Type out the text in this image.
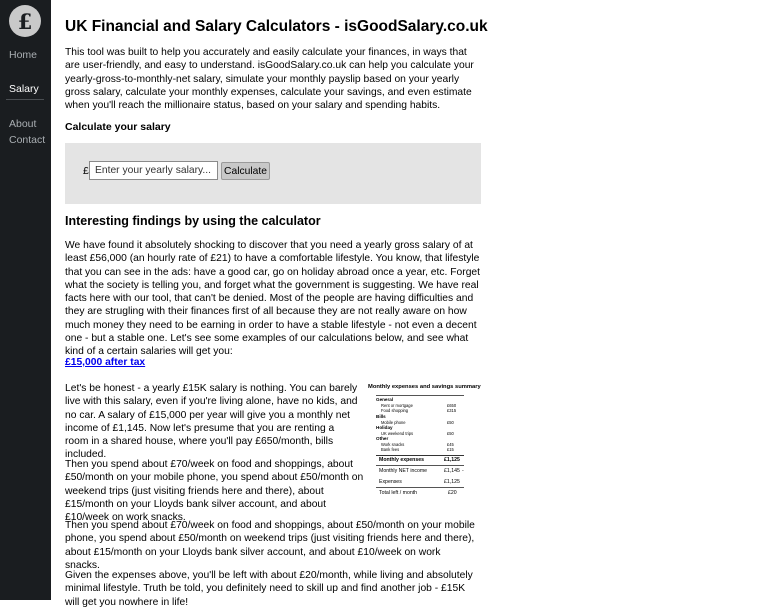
£
Home
Salary
About
Contact
UK Financial and Salary Calculators - isGoodSalary.co.uk

This tool was built to help you accurately and easily calculate your finances, in ways that are user-friendly, and easy to understand. isGoodSalary.co.uk can help you calculate your yearly-gross-to-monthly-net salary, simulate your monthly payslip based on your yearly gross salary, calculate your monthly expenses, calculate your savings, and even estimate when you'll reach the millionaire status, based on your salary and spending habits.

Calculate your salary
£
Enter your yearly salary...	Calculate
Interesting findings by using the calculator

We have found it absolutely shocking to discover that you need a yearly gross salary of at least £56,000 (an hourly rate of £21) to have a comfortable lifestyle. You know, that lifestyle that you can see in the ads: have a good car, go on holiday abroad once a year, etc. Forget what the society is telling you, and forget what the government is suggesting. We have real facts here with our tool, that can't be denied. Most of the people are having difficulties and they are strugling with their finances first of all because they are not really aware on how much money they need to be earning in order to have a stable lifestyle - not even a decent one - but a stable one. Let's see some examples of our calculations below, and see what kind of a certain salaries will get you:

£15,000 after tax

Let's be honest - a yearly £15K salary is nothing. You can barely live with this salary, even if you're living alone, have no kids, and no car. A salary of £15,000 per year will give you a monthly net income of £1,145. Now let's presume that you are renting a room in a shared house, where you'll pay £650/month, bills included.

Then you spend about £70/week on food and shoppings, about £50/month on your mobile phone, you spend about £50/month on weekend trips (just visiting friends here and there), about £15/month on your Lloyds bank silver account, and about £10/week on work snacks.

Then you spend about £70/week on food and shoppings, about £50/month on your mobile phone, you spend about £50/month on weekend trips (just visiting friends here and there), about £15/month on your Lloyds bank silver account, and about £10/week on work snacks.

Given the expenses above, you'll be left with about £20/month, while living and absolutely minimal lifestyle. Truth be told, you definitely need to skill up and find another job - £15K will get you nowhere in life!

Monthly expenses and savings summary
General
Rent or mortgage	£650
Food shopping	£315
Bills
Mobile phone	£50
Holiday
UK weekend trips	£50
Other
Work snacks	£45
Bank fees	£15
Monthly expenses	£1,125
Monthly NET income	£1,145 -
Expenses	£1,125
Total left / month	£20
